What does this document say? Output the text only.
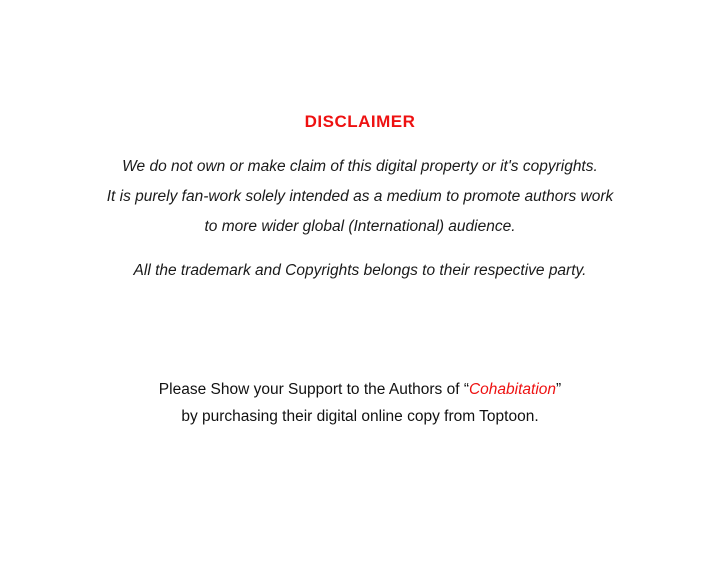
DISCLAIMER
We do not own or make claim of this digital property or it's copyrights.
It is purely fan-work solely intended as a medium to promote authors work
to more wider global (International) audience.
All the trademark and Copyrights belongs to their respective party.
Please Show your Support to the Authors of “Cohabitation”
by purchasing their digital online copy from Toptoon.
